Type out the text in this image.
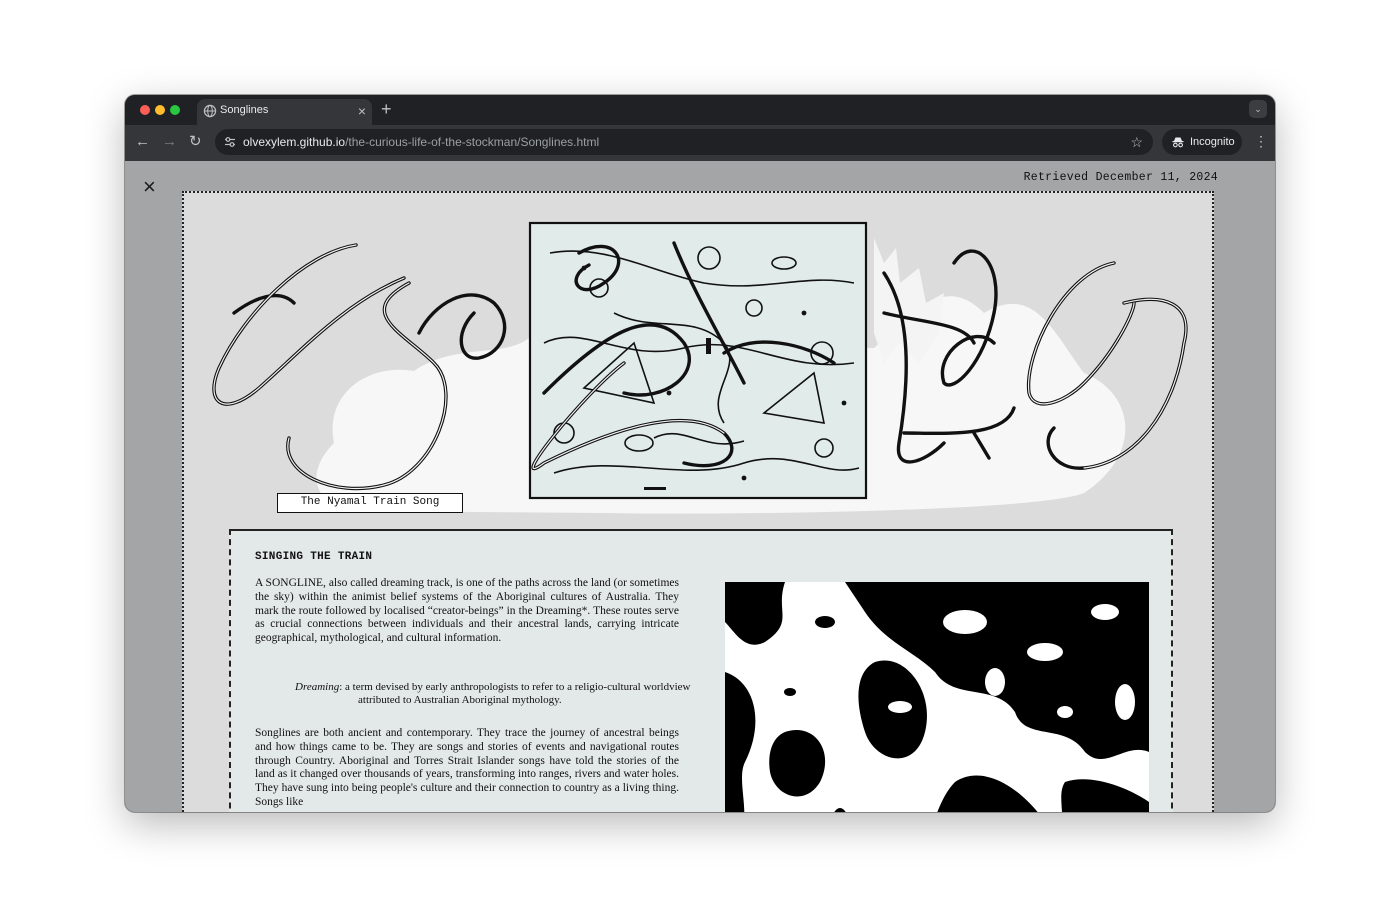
Songlines	× +	⌄
← → ↻	olvexylem.github.io/the-curious-life-of-the-stockman/Songlines.html	☆	Incognito ⋮
×	Retrieved December 11, 2024
The Nyamal Train Song
SINGING THE TRAIN

A SONGLINE, also called dreaming track, is one of the paths across the land (or sometimes the sky) within the animist belief systems of the Aboriginal cultures of Australia. They mark the route followed by localised “creator-beings” in the Dreaming*. These routes serve as crucial connections between individuals and their ancestral lands, carrying intricate geographical, mythological, and cultural information.

Dreaming: a term devised by early anthropologists to refer to a religio-cultural worldview attributed to Australian Aboriginal mythology.

Songlines are both ancient and contemporary. They trace the journey of ancestral beings and how things came to be. They are songs and stories of events and navigational routes through Country. Aboriginal and Torres Strait Islander songs have told the stories of the land as it changed over thousands of years, transforming into ranges, rivers and water holes. They have sung into being people's culture and their connection to country as a living thing. Songs like
